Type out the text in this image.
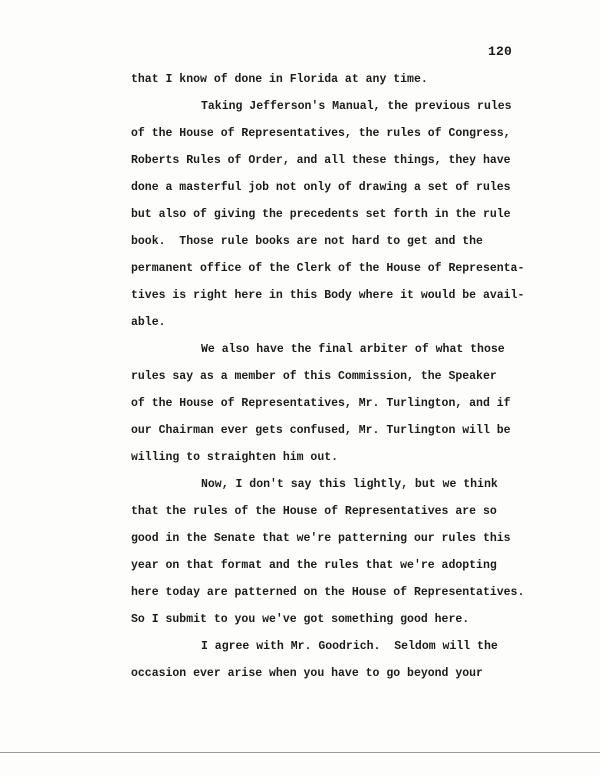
120
that I know of done in Florida at any time.
Taking Jefferson's Manual, the previous rules
of the House of Representatives, the rules of Congress,
Roberts Rules of Order, and all these things, they have
done a masterful job not only of drawing a set of rules
but also of giving the precedents set forth in the rule
book.  Those rule books are not hard to get and the
permanent office of the Clerk of the House of Representa-
tives is right here in this Body where it would be avail-
able.
We also have the final arbiter of what those
rules say as a member of this Commission, the Speaker
of the House of Representatives, Mr. Turlington, and if
our Chairman ever gets confused, Mr. Turlington will be
willing to straighten him out.
Now, I don't say this lightly, but we think
that the rules of the House of Representatives are so
good in the Senate that we're patterning our rules this
year on that format and the rules that we're adopting
here today are patterned on the House of Representatives.
So I submit to you we've got something good here.
I agree with Mr. Goodrich.  Seldom will the
occasion ever arise when you have to go beyond your
